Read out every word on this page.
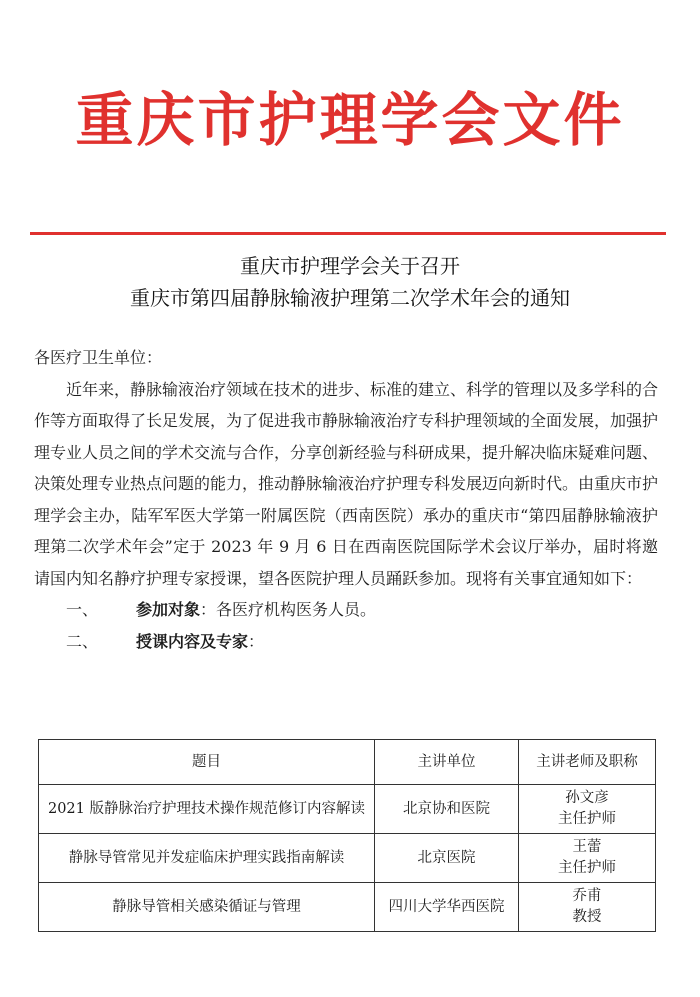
重庆市护理学会文件
重庆市护理学会关于召开
重庆市第四届静脉输液护理第二次学术年会的通知

各医疗卫生单位：

近年来，静脉输液治疗领域在技术的进步、标准的建立、科学的管理以及多学科的合作等方面取得了长足发展，为了促进我市静脉输液治疗专科护理领域的全面发展，加强护理专业人员之间的学术交流与合作，分享创新经验与科研成果，提升解决临床疑难问题、决策处理专业热点问题的能力，推动静脉输液治疗护理专科发展迈向新时代。由重庆市护理学会主办，陆军军医大学第一附属医院（西南医院）承办的重庆市“第四届静脉输液护理第二次学术年会”定于 2023 年 9 月 6 日在西南医院国际学术会议厅举办，届时将邀请国内知名静疗护理专家授课，望各医院护理人员踊跃参加。现将有关事宜通知如下：

一、	参加对象 ：各医疗机构医务人员。

二、	授课内容及专家 ：

题目	主讲单位	主讲老师及职称
2021 版静脉治疗护理技术操作规范修订内容解读	北京协和医院	孙文彦
主任护师

静脉导管常见并发症临床护理实践指南解读	北京医院	王蕾
主任护师

静脉导管相关感染循证与管理	四川大学华西医院	乔甫
教授
